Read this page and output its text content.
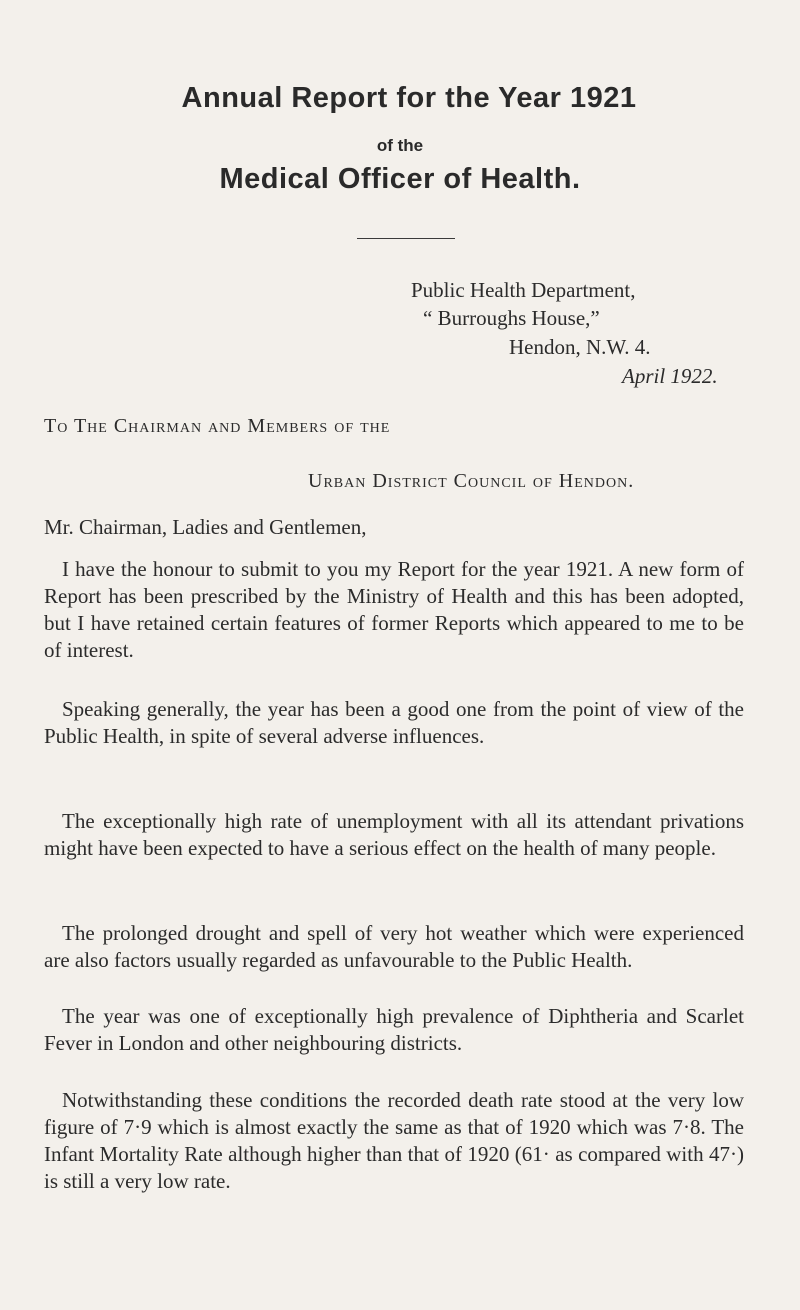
Annual Report for the Year 1921
of the
Medical Officer of Health.
Public Health Department,
“ Burroughs House,”
Hendon, N.W. 4.
April 1922.
To The Chairman and Members of the
Urban District Council of Hendon.
Mr. Chairman, Ladies and Gentlemen,

I have the honour to submit to you my Report for the year 1921. A new form of Report has been prescribed by the Ministry of Health and this has been adopted, but I have retained certain features of former Reports which appeared to me to be of interest.

Speaking generally, the year has been a good one from the point of view of the Public Health, in spite of several adverse influences.

The exceptionally high rate of unemployment with all its attendant privations might have been expected to have a serious effect on the health of many people.

The prolonged drought and spell of very hot weather which were experienced are also factors usually regarded as unfavourable to the Public Health.

The year was one of exceptionally high prevalence of Diphtheria and Scarlet Fever in London and other neighbouring districts.

Notwithstanding these conditions the recorded death rate stood at the very low figure of 7·9 which is almost exactly the same as that of 1920 which was 7·8. The Infant Mortality Rate although higher than that of 1920 (61· as compared with 47·) is still a very low rate.
